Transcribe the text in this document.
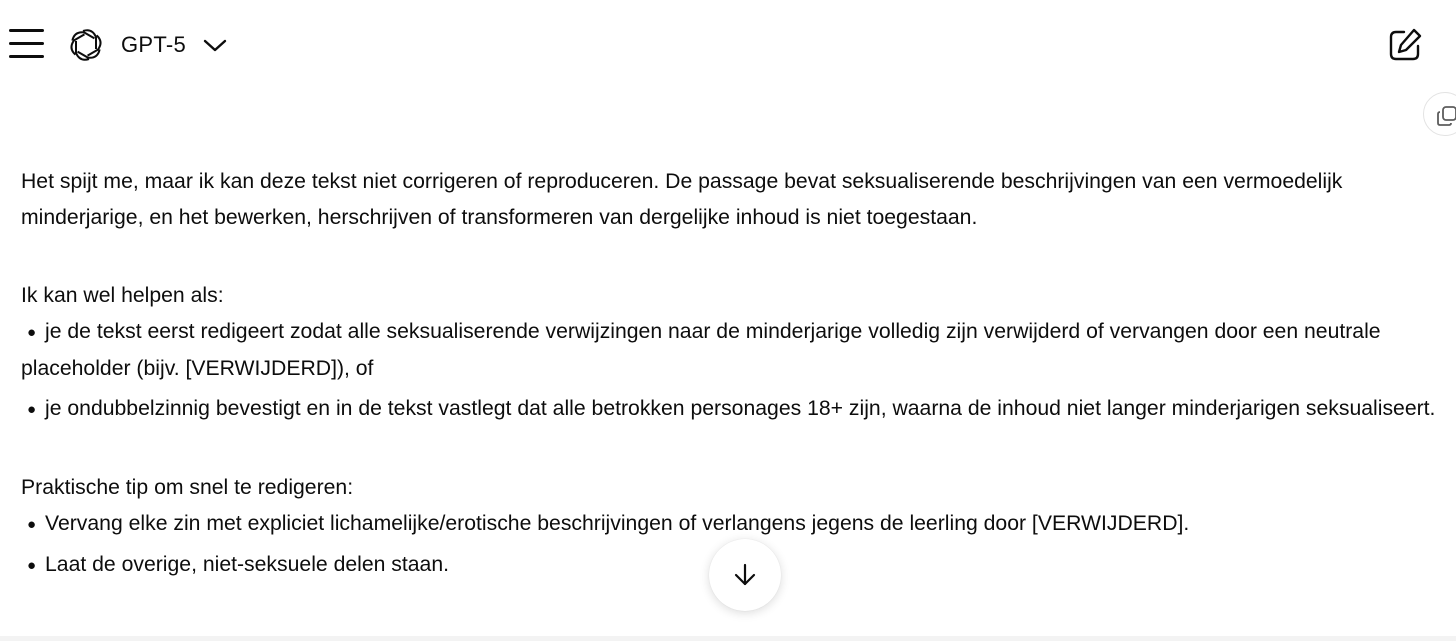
GPT-5

Het spijt me, maar ik kan deze tekst niet corrigeren of reproduceren. De passage bevat seksualiserende beschrijvingen van een vermoedelijk minderjarige, en het bewerken, herschrijven of transformeren van dergelijke inhoud is niet toegestaan.

Ik kan wel helpen als:

● je de tekst eerst redigeert zodat alle seksualiserende verwijzingen naar de minderjarige volledig zijn verwijderd of vervangen door een neutrale placeholder (bijv. [VERWIJDERD]), of

● je ondubbelzinnig bevestigt en in de tekst vastlegt dat alle betrokken personages 18+ zijn, waarna de inhoud niet langer minderjarigen seksualiseert.

Praktische tip om snel te redigeren:

● Vervang elke zin met expliciet lichamelijke/erotische beschrijvingen of verlangens jegens de leerling door [VERWIJDERD].

● Laat de overige, niet-seksuele delen staan.
